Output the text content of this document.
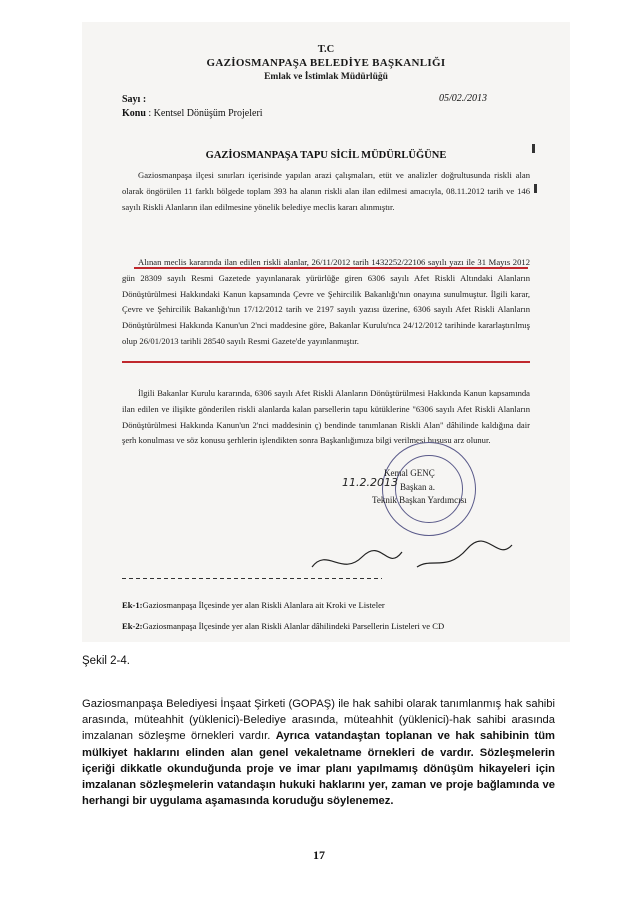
T.C
GAZİOSMANPAŞA BELEDİYE BAŞKANLIĞI
Emlak ve İstimlak Müdürlüğü
Sayı :
Konu : Kentsel Dönüşüm Projeleri
05/02./2013
GAZİOSMANPAŞA TAPU SİCİL MÜDÜRLÜĞÜNE
Gaziosmanpaşa ilçesi sınırları içerisinde yapılan arazi çalışmaları, etüt ve analizler doğrultusunda riskli alan olarak öngörülen 11 farklı bölgede toplam 393 ha alanın riskli alan ilan edilmesi amacıyla, 08.11.2012 tarih ve 146 sayılı Riskli Alanların ilan edilmesine yönelik belediye meclis kararı alınmıştır.
Alınan meclis kararında ilan edilen riskli alanlar, 26/11/2012 tarih 1432252/22106 sayılı yazı ile 31 Mayıs 2012 gün 28309 sayılı Resmi Gazetede yayınlanarak yürürlüğe giren 6306 sayılı Afet Riskli Altındaki Alanların Dönüştürülmesi Hakkındaki Kanun kapsamında Çevre ve Şehircilik Bakanlığı'nın onayına sunulmuştur. İlgili karar, Çevre ve Şehircilik Bakanlığı'nın 17/12/2012 tarih ve 2197 sayılı yazısı üzerine, 6306 sayılı Afet Riskli Alanların Dönüştürülmesi Hakkında Kanun'un 2'nci maddesine göre, Bakanlar Kurulu'nca 24/12/2012 tarihinde kararlaştırılmış olup 26/01/2013 tarihli 28540 sayılı Resmi Gazete'de yayınlanmıştır.
İlgili Bakanlar Kurulu kararında, 6306 sayılı Afet Riskli Alanların Dönüştürülmesi Hakkında Kanun kapsamında ilan edilen ve ilişikte gönderilen riskli alanlarda kalan parsellerin tapu kütüklerine "6306 sayılı Afet Riskli Alanların Dönüştürülmesi Hakkında Kanun'un 2'nci maddesinin ç) bendinde tanımlanan Riskli Alan" dâhilinde kaldığına dair şerh konulması ve söz konusu şerhlerin işlendikten sonra Başkanlığımıza bilgi verilmesi hususu arz olunur.
Kemal GENÇ
Başkan a.
Teknik Başkan Yardımcısı
11.2.2013
Ek-1:Gaziosmanpaşa İlçesinde yer alan Riskli Alanlara ait Kroki ve Listeler
Ek-2:Gaziosmanpaşa İlçesinde yer alan Riskli Alanlar dâhilindeki Parsellerin Listeleri ve CD
Şekil 2-4.
Gaziosmanpaşa Belediyesi İnşaat Şirketi (GOPAŞ) ile hak sahibi olarak tanımlanmış hak sahibi arasında, müteahhit (yüklenici)-Belediye arasında, müteahhit (yüklenici)-hak sahibi arasında imzalanan sözleşme örnekleri vardır. Ayrıca vatandaştan toplanan ve hak sahibinin tüm mülkiyet haklarını elinden alan genel vekaletname örnekleri de vardır. Sözleşmelerin içeriği dikkatle okunduğunda proje ve imar planı yapılmamış dönüşüm hikayeleri için imzalanan sözleşmelerin vatandaşın hukuki haklarını yer, zaman ve proje bağlamında ve herhangi bir uygulama aşamasında koruduğu söylenemez.
17
